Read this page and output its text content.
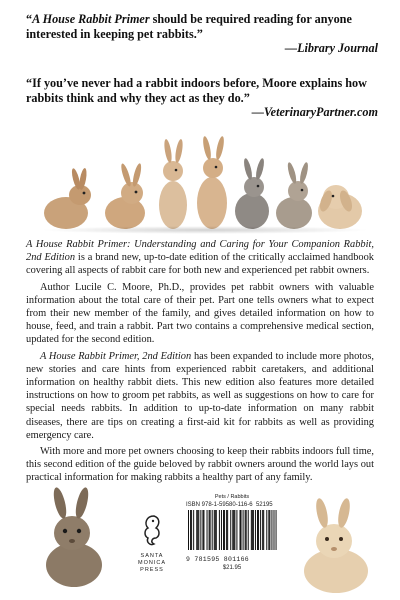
“A House Rabbit Primer should be required reading for anyone interested in keeping pet rabbits.”
—Library Journal
“If you’ve never had a rabbit indoors before, Moore explains how rabbits think and why they act as they do.”
—VeterinaryPartner.com

A House Rabbit Primer: Understanding and Caring for Your Companion Rabbit, 2nd Edition is a brand new, up-to-date edition of the critically acclaimed handbook covering all aspects of rabbit care for both new and experienced pet rabbit owners.

Author Lucile C. Moore, Ph.D., provides pet rabbit owners with valuable information about the total care of their pet. Part one tells owners what to expect from their new member of the family, and gives detailed information on how to house, feed, and train a rabbit. Part two contains a comprehensive medical section, updated for the second edition.

A House Rabbit Primer, 2nd Edition has been expanded to include more photos, new stories and care hints from experienced rabbit caretakers, and additional information on healthy rabbit diets. This new edition also features more detailed instructions on how to groom pet rabbits, as well as suggestions on how to care for special needs rabbits. In addition to up-to-date information on many rabbit diseases, there are tips on creating a first-aid kit for rabbits as well as providing emergency care.

With more and more pet owners choosing to keep their rabbits indoors full time, this second edition of the guide beloved by rabbit owners around the world lays out practical information for making rabbits a healthy part of any family.

SANTA
MONICA
PRESS
Pets / Rabbits
ISBN 978-1-59580-116-6 52195
9 781595 801166
$21.95
